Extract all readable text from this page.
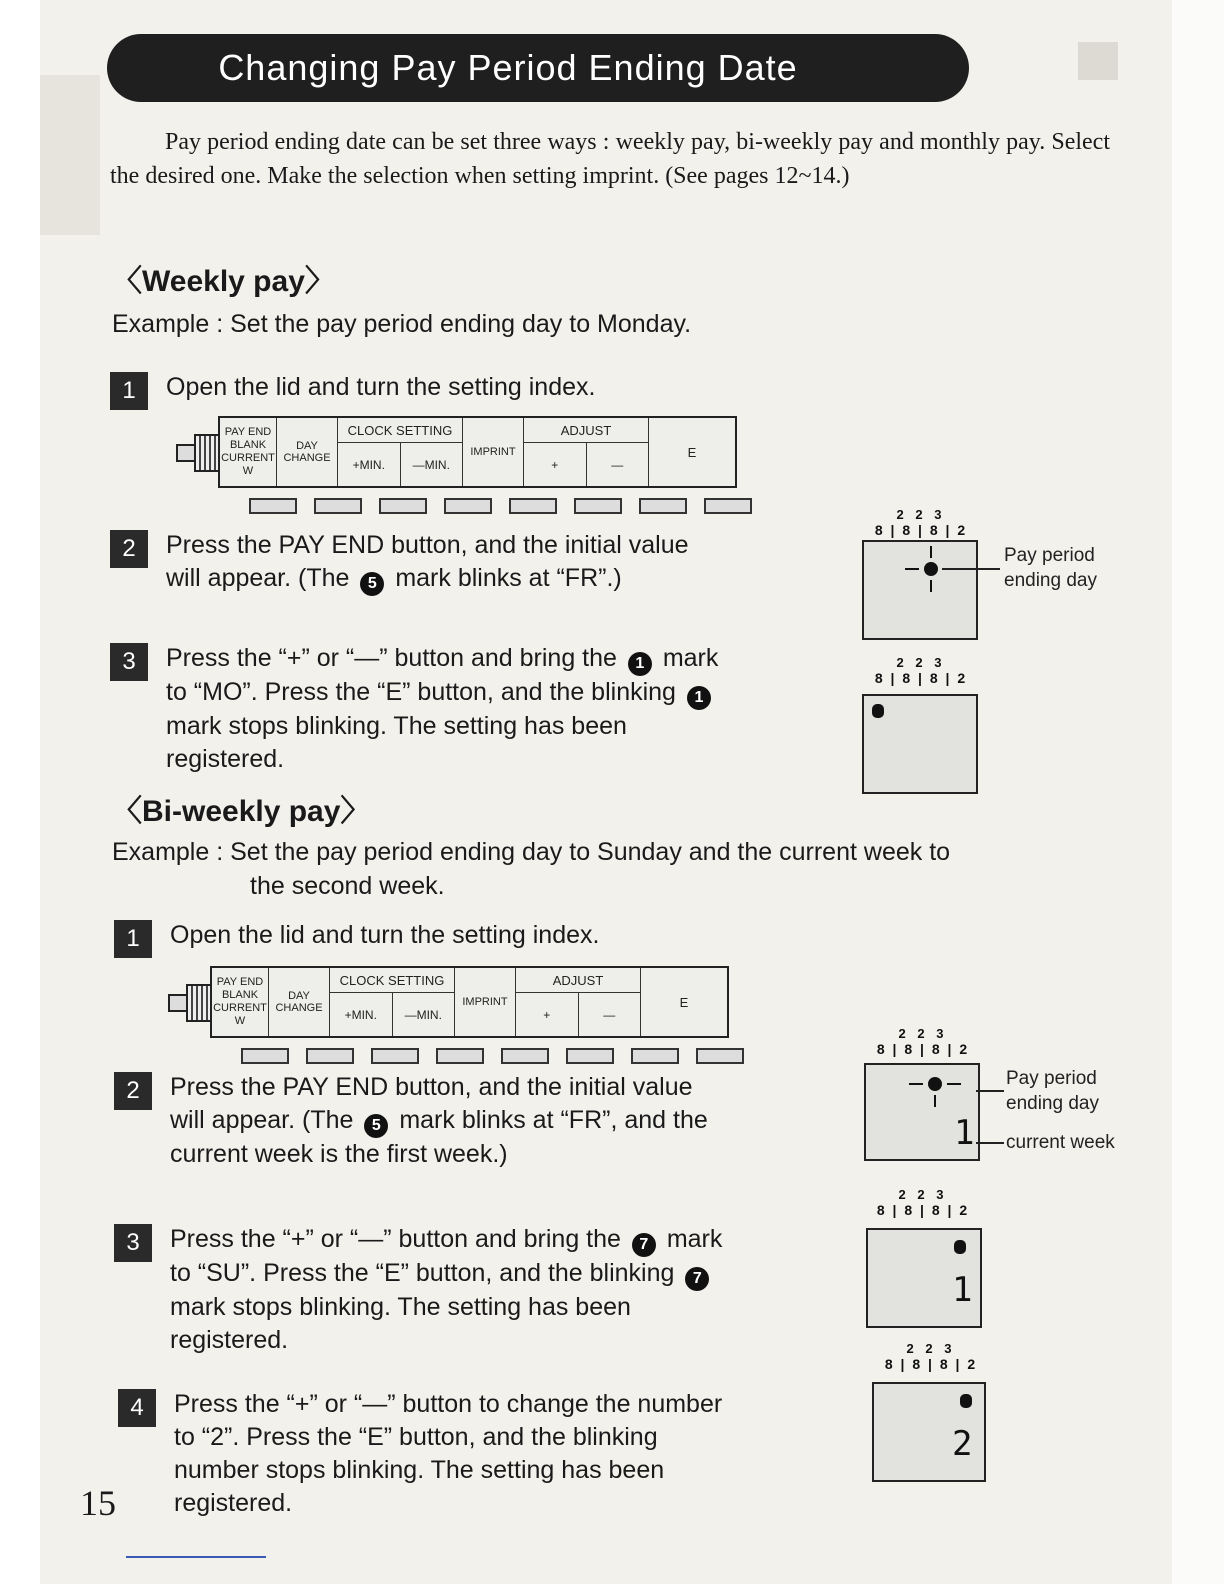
Changing Pay Period Ending Date
Pay period ending date can be set three ways : weekly pay, bi-weekly pay and monthly pay. Select the desired one. Make the selection when setting imprint. (See pages 12~14.)
〈Weekly pay〉
Example : Set the pay period ending day to Monday.
1	Open the lid and turn the setting index.
PAY END
BLANK
CURRENT W
DAY
CHANGE
CLOCK SETTING
+MIN.	—MIN.
IMPRINT
ADJUST
+	—
E
2	Press the PAY END button, and the initial value will appear. (The 5 mark blinks at “FR”.)
3	Press the “+” or “—” button and bring the 1 mark to “MO”. Press the “E” button, and the blinking 1 mark stops blinking. The setting has been registered.
2 2 3
8 | 8 | 8 | 2
Pay period ending day
2 2 3
8 | 8 | 8 | 2
〈Bi-weekly pay〉
Example : Set the pay period ending day to Sunday and the current week to
the second week.
1	Open the lid and turn the setting index.
PAY END
BLANK
CURRENT W
DAY
CHANGE
CLOCK SETTING
+MIN.	—MIN.
IMPRINT
ADJUST
+	—
E
2	Press the PAY END button, and the initial value will appear. (The 5 mark blinks at “FR”, and the current week is the first week.)
3	Press the “+” or “—” button and bring the 7 mark to “SU”. Press the “E” button, and the blinking 7 mark stops blinking. The setting has been registered.
4	Press the “+” or “—” button to change the number to “2”. Press the “E” button, and the blinking number stops blinking. The setting has been registered.
2 2 3
8 | 8 | 8 | 2
1
Pay period ending day
current week
2 2 3
8 | 8 | 8 | 2
1
2 2 3
8 | 8 | 8 | 2
2
15
